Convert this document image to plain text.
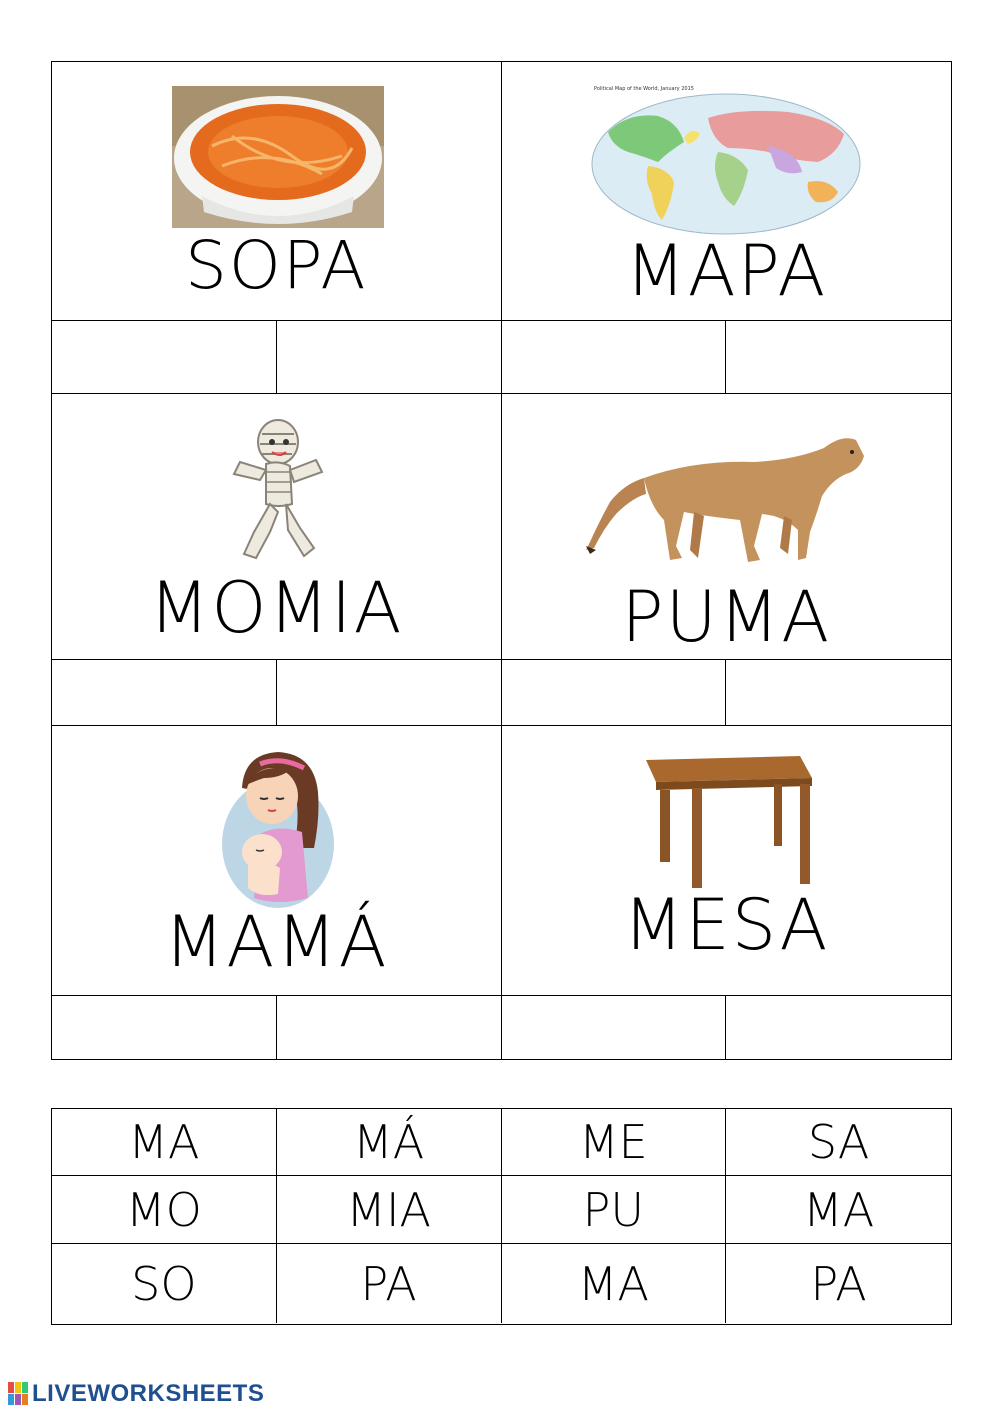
SOPA
Political Map of the World, January 2015
MAPA
MOMIA	PUMA
MAMÁ	MESA
MA	MÁ	ME	SA
MO	MIA	PU	MA
SO	PA	MA	PA
LIVEWORKSHEETS
